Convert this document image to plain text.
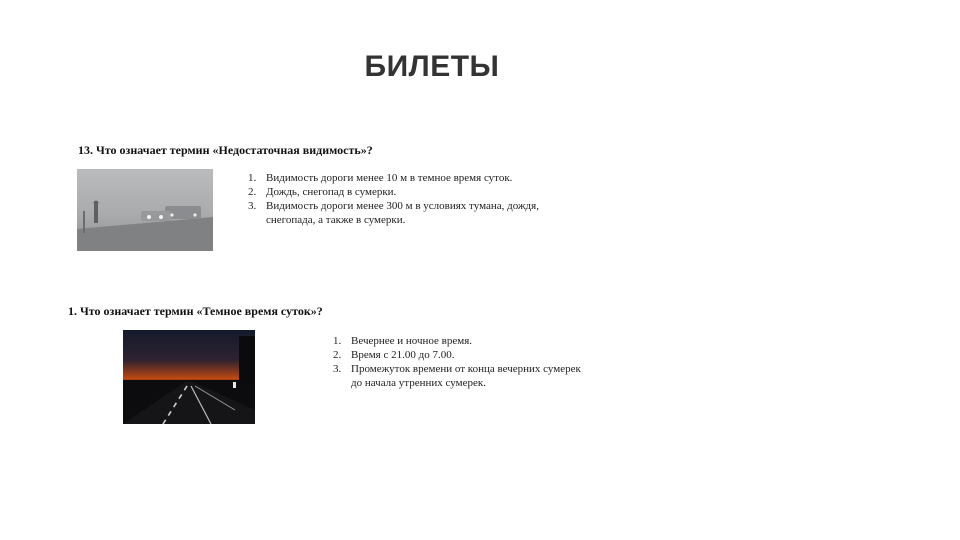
БИЛЕТЫ
13. Что означает термин «Недостаточная видимость»?
1. Видимость дороги менее 10 м в темное время суток.
2. Дождь, снегопад в сумерки.
3. Видимость дороги менее 300 м в условиях тумана, дождя, снегопада, а также в сумерки.
1. Что означает термин «Темное время суток»?
1. Вечернее и ночное время.
2. Время с 21.00 до 7.00.
3. Промежуток времени от конца вечерних сумерек до начала утренних сумерек.
